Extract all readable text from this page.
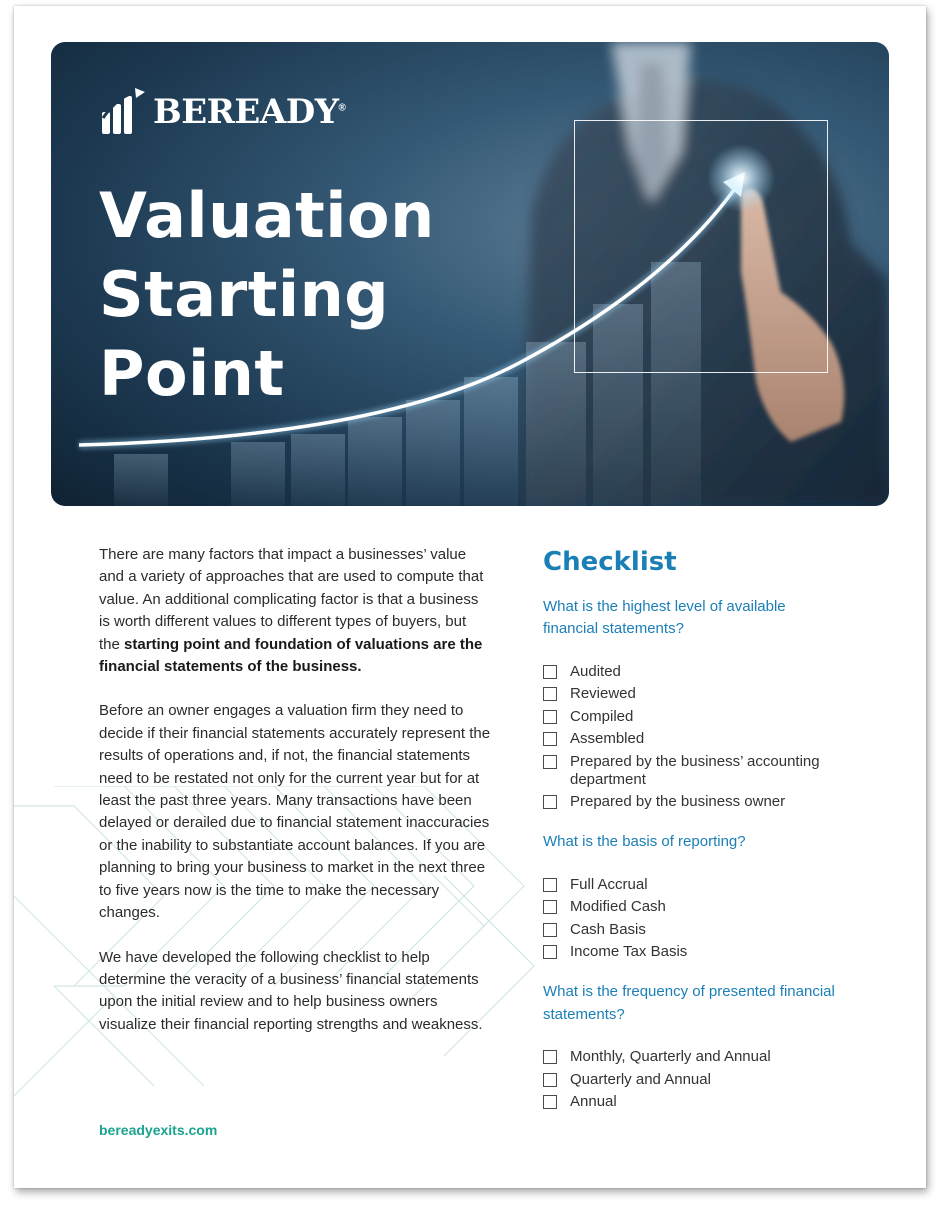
BEREADY®
Valuation
Starting
Point

There are many factors that impact a businesses’ value and a variety of approaches that are used to compute that value. An additional complicating factor is that a business is worth different values to different types of buyers, but the starting point and foundation of valuations are the financial statements of the business.

Before an owner engages a valuation firm they need to decide if their financial statements accurately represent the results of operations and, if not, the financial statements need to be restated not only for the current year but for at least the past three years. Many transactions have been delayed or derailed due to financial statement inaccuracies or the inability to substantiate account balances. If you are planning to bring your business to market in the next three to five years now is the time to make the necessary changes.

We have developed the following checklist to help determine the veracity of a business’ financial statements upon the initial review and to help business owners visualize their financial reporting strengths and weakness.

bereadyexits.com
Checklist
What is the highest level of available financial statements?
Audited
Reviewed
Compiled
Assembled
Prepared by the business’ accounting department
Prepared by the business owner
What is the basis of reporting?
Full Accrual
Modified Cash
Cash Basis
Income Tax Basis
What is the frequency of presented financial statements?
Monthly, Quarterly and Annual
Quarterly and Annual
Annual
